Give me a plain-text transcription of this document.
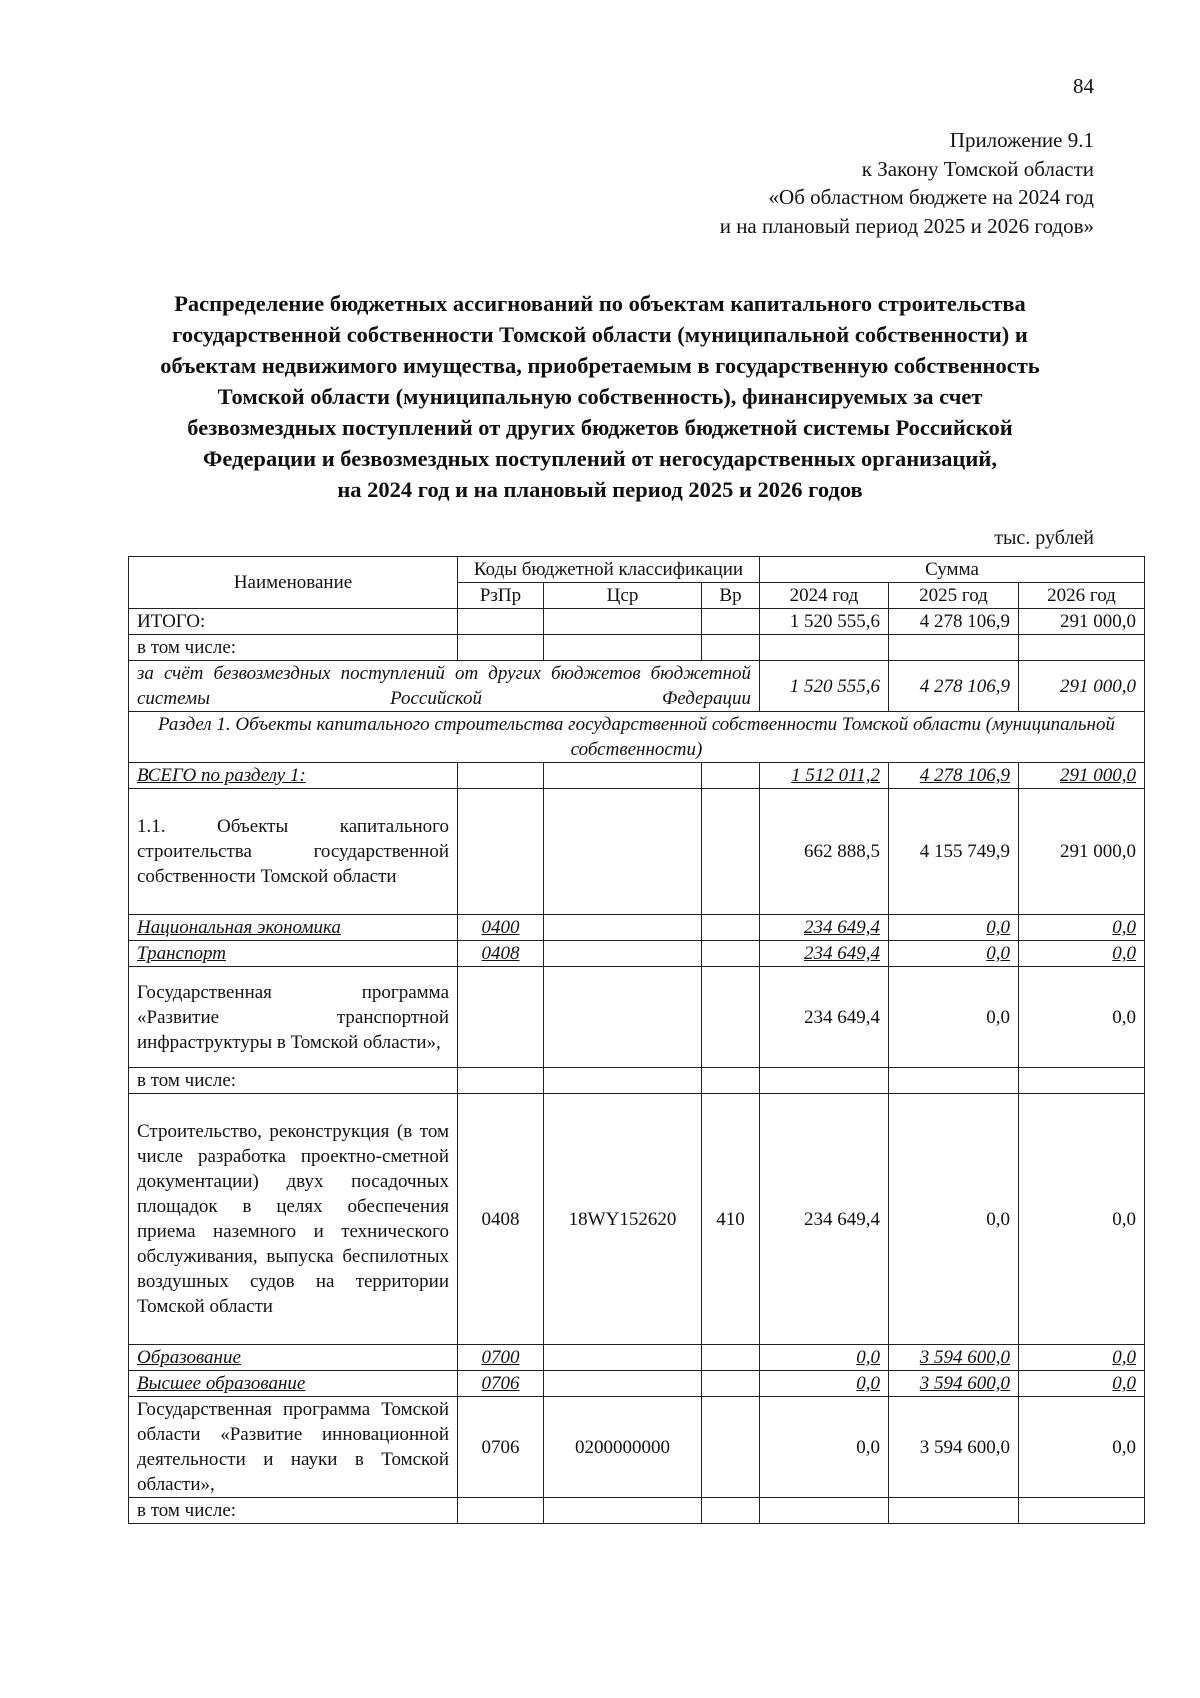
84
Приложение 9.1
к Закону Томской области
«Об областном бюджете на 2024 год
и на плановый период 2025 и 2026 годов»
Распределение бюджетных ассигнований по объектам капитального строительства
государственной собственности Томской области (муниципальной собственности) и
объектам недвижимого имущества, приобретаемым в государственную собственность
Томской области (муниципальную собственность), финансируемых за счет
безвозмездных поступлений от других бюджетов бюджетной системы Российской
Федерации и безвозмездных поступлений от негосударственных организаций,
на 2024 год и на плановый период 2025 и 2026 годов
тыс. рублей
Наименование	Коды бюджетной классификации			Сумма		
	РзПр	Цср	Вр	2024 год	2025 год	2026 год
ИТОГО:				1 520 555,6	4 278 106,9	291 000,0
в том числе:						
за счёт безвозмездных поступлений от других бюджетов бюджетной системы Российской Федерации				1 520 555,6	4 278 106,9	291 000,0
Раздел 1. Объекты капитального строительства государственной собственности Томской области (муниципальной собственности)						
ВСЕГО по разделу 1:				1 512 011,2	4 278 106,9	291 000,0
1.1. Объекты капитального строительства государственной собственности Томской области				662 888,5	4 155 749,9	291 000,0
Национальная экономика	0400			234 649,4	0,0	0,0
Транспорт	0408			234 649,4	0,0	0,0
Государственная программа «Развитие транспортной инфраструктуры в Томской области»,				234 649,4	0,0	0,0
в том числе:						
Строительство, реконструкция (в том числе разработка проектно-сметной документации) двух посадочных площадок в целях обеспечения приема наземного и технического обслуживания, выпуска беспилотных воздушных судов на территории Томской области	0408	18WY152620	410	234 649,4	0,0	0,0
Образование	0700			0,0	3 594 600,0	0,0
Высшее образование	0706			0,0	3 594 600,0	0,0
Государственная программа Томской области «Развитие инновационной деятельности и науки в Томской области»,	0706	0200000000		0,0	3 594 600,0	0,0
в том числе:						
